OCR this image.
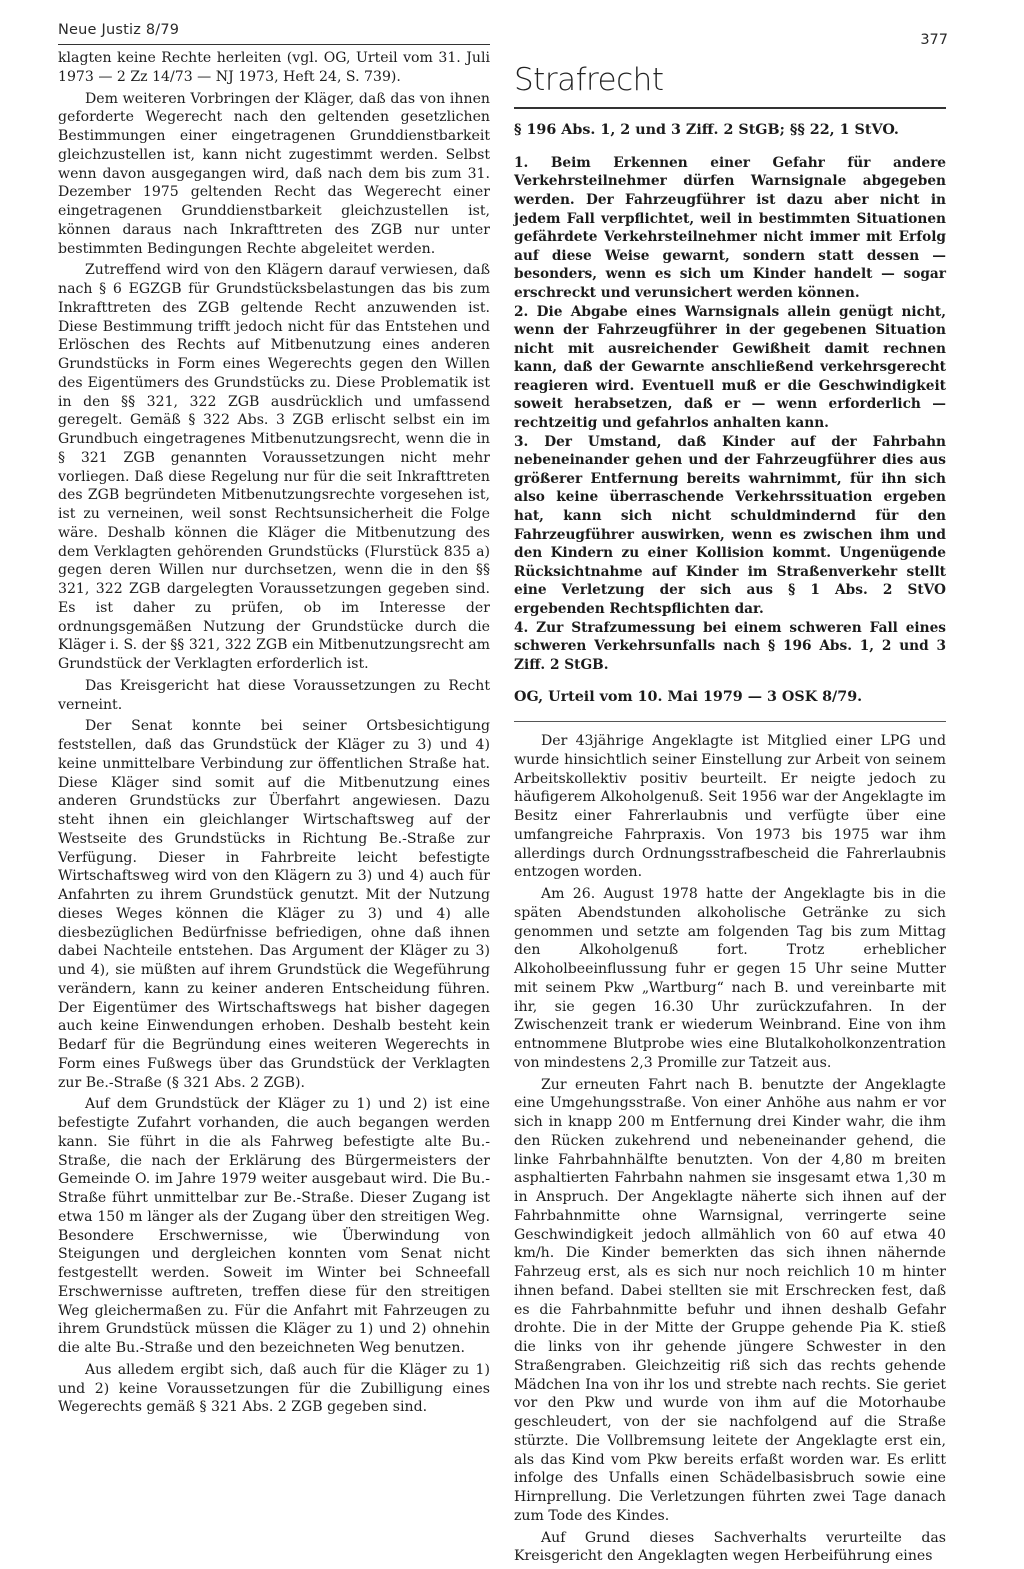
Neue Justiz 8/79
377

klagten keine Rechte herleiten (vgl. OG, Urteil vom 31. Juli 1973 — 2 Zz 14/73 — NJ 1973, Heft 24, S. 739).

Dem weiteren Vorbringen der Kläger, daß das von ihnen geforderte Wegerecht nach den geltenden gesetzlichen Bestimmungen einer eingetragenen Grunddienstbarkeit gleichzustellen ist, kann nicht zugestimmt werden. Selbst wenn davon ausgegangen wird, daß nach dem bis zum 31. Dezember 1975 geltenden Recht das Wegerecht einer eingetragenen Grunddienstbarkeit gleichzustellen ist, können daraus nach Inkrafttreten des ZGB nur unter bestimmten Bedingungen Rechte abgeleitet werden.

Zutreffend wird von den Klägern darauf verwiesen, daß nach § 6 EGZGB für Grundstücksbelastungen das bis zum Inkrafttreten des ZGB geltende Recht anzuwenden ist. Diese Bestimmung trifft jedoch nicht für das Entstehen und Erlöschen des Rechts auf Mitbenutzung eines anderen Grundstücks in Form eines Wegerechts gegen den Willen des Eigentümers des Grundstücks zu. Diese Problematik ist in den §§ 321, 322 ZGB ausdrücklich und umfassend geregelt. Gemäß § 322 Abs. 3 ZGB erlischt selbst ein im Grundbuch eingetragenes Mitbenutzungsrecht, wenn die in § 321 ZGB genannten Voraussetzungen nicht mehr vorliegen. Daß diese Regelung nur für die seit Inkrafttreten des ZGB begründeten Mitbenutzungsrechte vorgesehen ist, ist zu verneinen, weil sonst Rechtsunsicherheit die Folge wäre. Deshalb können die Kläger die Mitbenutzung des dem Verklagten gehörenden Grundstücks (Flurstück 835 a) gegen deren Willen nur durchsetzen, wenn die in den §§ 321, 322 ZGB dargelegten Voraussetzungen gegeben sind. Es ist daher zu prüfen, ob im Interesse der ordnungsgemäßen Nutzung der Grundstücke durch die Kläger i. S. der §§ 321, 322 ZGB ein Mitbenutzungsrecht am Grundstück der Verklagten erforderlich ist.

Das Kreisgericht hat diese Voraussetzungen zu Recht verneint.

Der Senat konnte bei seiner Ortsbesichtigung feststellen, daß das Grundstück der Kläger zu 3) und 4) keine unmittelbare Verbindung zur öffentlichen Straße hat. Diese Kläger sind somit auf die Mitbenutzung eines anderen Grundstücks zur Überfahrt angewiesen. Dazu steht ihnen ein gleichlanger Wirtschaftsweg auf der Westseite des Grundstücks in Richtung Be.-Straße zur Verfügung. Dieser in Fahrbreite leicht befestigte Wirtschaftsweg wird von den Klägern zu 3) und 4) auch für Anfahrten zu ihrem Grundstück genutzt. Mit der Nutzung dieses Weges können die Kläger zu 3) und 4) alle diesbezüglichen Bedürfnisse befriedigen, ohne daß ihnen dabei Nachteile entstehen. Das Argument der Kläger zu 3) und 4), sie müßten auf ihrem Grundstück die Wegeführung verändern, kann zu keiner anderen Entscheidung führen. Der Eigentümer des Wirtschaftswegs hat bisher dagegen auch keine Einwendungen erhoben. Deshalb besteht kein Bedarf für die Begründung eines weiteren Wegerechts in Form eines Fußwegs über das Grundstück der Verklagten zur Be.-Straße (§ 321 Abs. 2 ZGB).

Auf dem Grundstück der Kläger zu 1) und 2) ist eine befestigte Zufahrt vorhanden, die auch begangen werden kann. Sie führt in die als Fahrweg befestigte alte Bu.-Straße, die nach der Erklärung des Bürgermeisters der Gemeinde O. im Jahre 1979 weiter ausgebaut wird. Die Bu.-Straße führt unmittelbar zur Be.-Straße. Dieser Zugang ist etwa 150 m länger als der Zugang über den streitigen Weg. Besondere Erschwernisse, wie Überwindung von Steigungen und dergleichen konnten vom Senat nicht festgestellt werden. Soweit im Winter bei Schneefall Erschwernisse auftreten, treffen diese für den streitigen Weg gleichermaßen zu. Für die Anfahrt mit Fahrzeugen zu ihrem Grundstück müssen die Kläger zu 1) und 2) ohnehin die alte Bu.-Straße und den bezeichneten Weg benutzen.

Aus alledem ergibt sich, daß auch für die Kläger zu 1) und 2) keine Voraussetzungen für die Zubilligung eines Wegerechts gemäß § 321 Abs. 2 ZGB gegeben sind.

Strafrecht

§ 196 Abs. 1, 2 und 3 Ziff. 2 StGB; §§ 22, 1 StVO.

1. Beim Erkennen einer Gefahr für andere Verkehrsteilnehmer dürfen Warnsignale abgegeben werden. Der Fahrzeugführer ist dazu aber nicht in jedem Fall verpflichtet, weil in bestimmten Situationen gefährdete Verkehrsteilnehmer nicht immer mit Erfolg auf diese Weise gewarnt, sondern statt dessen — besonders, wenn es sich um Kinder handelt — sogar erschreckt und verunsichert werden können.

2. Die Abgabe eines Warnsignals allein genügt nicht, wenn der Fahrzeugführer in der gegebenen Situation nicht mit ausreichender Gewißheit damit rechnen kann, daß der Gewarnte anschließend verkehrsgerecht reagieren wird. Eventuell muß er die Geschwindigkeit soweit herabsetzen, daß er — wenn erforderlich — rechtzeitig und gefahrlos anhalten kann.

3. Der Umstand, daß Kinder auf der Fahrbahn nebeneinander gehen und der Fahrzeugführer dies aus größerer Entfernung bereits wahrnimmt, für ihn sich also keine überraschende Verkehrssituation ergeben hat, kann sich nicht schuldmindernd für den Fahrzeugführer auswirken, wenn es zwischen ihm und den Kindern zu einer Kollision kommt. Ungenügende Rücksichtnahme auf Kinder im Straßenverkehr stellt eine Verletzung der sich aus § 1 Abs. 2 StVO ergebenden Rechtspflichten dar.

4. Zur Strafzumessung bei einem schweren Fall eines schweren Verkehrsunfalls nach § 196 Abs. 1, 2 und 3 Ziff. 2 StGB.

OG, Urteil vom 10. Mai 1979 — 3 OSK 8/79.

Der 43jährige Angeklagte ist Mitglied einer LPG und wurde hinsichtlich seiner Einstellung zur Arbeit von seinem Arbeitskollektiv positiv beurteilt. Er neigte jedoch zu häufigerem Alkoholgenuß. Seit 1956 war der Angeklagte im Besitz einer Fahrerlaubnis und verfügte über eine umfangreiche Fahrpraxis. Von 1973 bis 1975 war ihm allerdings durch Ordnungsstrafbescheid die Fahrerlaubnis entzogen worden.

Am 26. August 1978 hatte der Angeklagte bis in die späten Abendstunden alkoholische Getränke zu sich genommen und setzte am folgenden Tag bis zum Mittag den Alkoholgenuß fort. Trotz erheblicher Alkoholbeeinflussung fuhr er gegen 15 Uhr seine Mutter mit seinem Pkw „Wartburg“ nach B. und vereinbarte mit ihr, sie gegen 16.30 Uhr zurückzufahren. In der Zwischenzeit trank er wiederum Weinbrand. Eine von ihm entnommene Blutprobe wies eine Blutalkoholkonzentration von mindestens 2,3 Promille zur Tatzeit aus.

Zur erneuten Fahrt nach B. benutzte der Angeklagte eine Umgehungsstraße. Von einer Anhöhe aus nahm er vor sich in knapp 200 m Entfernung drei Kinder wahr, die ihm den Rücken zukehrend und nebeneinander gehend, die linke Fahrbahnhälfte benutzten. Von der 4,80 m breiten asphaltierten Fahrbahn nahmen sie insgesamt etwa 1,30 m in Anspruch. Der Angeklagte näherte sich ihnen auf der Fahrbahnmitte ohne Warnsignal, verringerte seine Geschwindigkeit jedoch allmählich von 60 auf etwa 40 km/h. Die Kinder bemerkten das sich ihnen nähernde Fahrzeug erst, als es sich nur noch reichlich 10 m hinter ihnen befand. Dabei stellten sie mit Erschrecken fest, daß es die Fahrbahnmitte befuhr und ihnen deshalb Gefahr drohte. Die in der Mitte der Gruppe gehende Pia K. stieß die links von ihr gehende jüngere Schwester in den Straßengraben. Gleichzeitig riß sich das rechts gehende Mädchen Ina von ihr los und strebte nach rechts. Sie geriet vor den Pkw und wurde von ihm auf die Motorhaube geschleudert, von der sie nachfolgend auf die Straße stürzte. Die Vollbremsung leitete der Angeklagte erst ein, als das Kind vom Pkw bereits erfaßt worden war. Es erlitt infolge des Unfalls einen Schädelbasisbruch sowie eine Hirnprellung. Die Verletzungen führten zwei Tage danach zum Tode des Kindes.

Auf Grund dieses Sachverhalts verurteilte das Kreisgericht den Angeklagten wegen Herbeiführung eines
